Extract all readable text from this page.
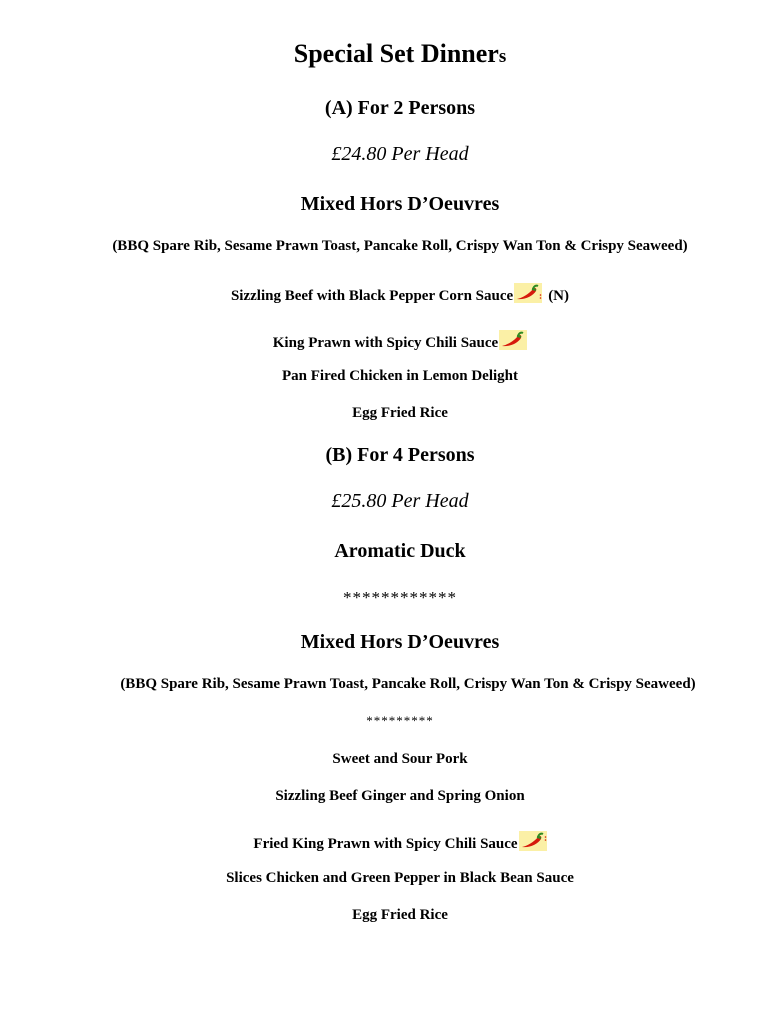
Special Set Dinners
(A) For 2 Persons
£24.80 Per Head
Mixed Hors D’Oeuvres
(BBQ Spare Rib, Sesame Prawn Toast, Pancake Roll, Crispy Wan Ton & Crispy Seaweed)
Sizzling Beef with Black Pepper Corn Sauce (N)
King Prawn with Spicy Chili Sauce
Pan Fired Chicken in Lemon Delight
Egg Fried Rice
(B) For 4 Persons
£25.80 Per Head
Aromatic Duck
************
Mixed Hors D’Oeuvres
(BBQ Spare Rib, Sesame Prawn Toast, Pancake Roll, Crispy Wan Ton & Crispy Seaweed)
*********
Sweet and Sour Pork
Sizzling Beef Ginger and Spring Onion
Fried King Prawn with Spicy Chili Sauce
Slices Chicken and Green Pepper in Black Bean Sauce
Egg Fried Rice
